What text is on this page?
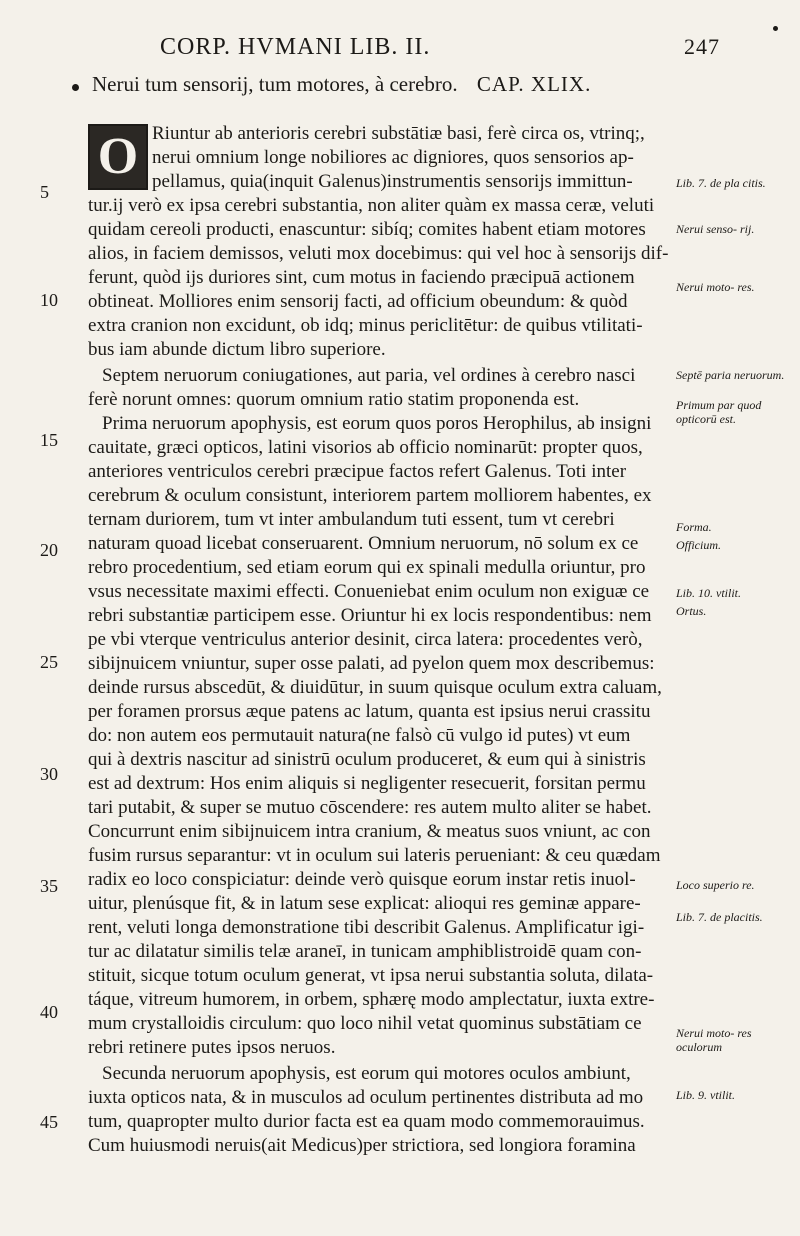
CORP. HVMANI LIB. II.	247
Nerui tum sensorij, tum motores, à cerebro. CAP. XLIX.
5
10
15
20
25
30
35
40
45
O Riuntur ab anterioris cerebri substātiæ basi, ferè circa os, vtrinq;,
nerui omnium longe nobiliores ac digniores, quos sensorios ap-
pellamus, quia(inquit Galenus)instrumentis sensorijs immittun-
tur.ij verò ex ipsa cerebri substantia, non aliter quàm ex massa ceræ, veluti
quidam cereoli producti, enascuntur: sibíq; comites habent etiam motores
alios, in faciem demissos, veluti mox docebimus: qui vel hoc à sensorijs dif-
ferunt, quòd ijs duriores sint, cum motus in faciendo præcipuā actionem
obtineat. Molliores enim sensorij facti, ad officium obeundum: & quòd
extra cranion non excidunt, ob idq; minus periclitētur: de quibus vtilitati-
bus iam abunde dictum libro superiore.
Septem neruorum coniugationes, aut paria, vel ordines à cerebro nasci
ferè norunt omnes: quorum omnium ratio statim proponenda est.
Prima neruorum apophysis, est eorum quos poros Herophilus, ab insigni
cauitate, græci opticos, latini visorios ab officio nominarūt: propter quos,
anteriores ventriculos cerebri præcipue factos refert Galenus. Toti inter
cerebrum & oculum consistunt, interiorem partem molliorem habentes, ex
ternam duriorem, tum vt inter ambulandum tuti essent, tum vt cerebri
naturam quoad licebat conseruarent. Omnium neruorum, nō solum ex ce
rebro procedentium, sed etiam eorum qui ex spinali medulla oriuntur, pro
vsus necessitate maximi effecti. Conueniebat enim oculum non exiguæ ce
rebri substantiæ participem esse. Oriuntur hi ex locis respondentibus: nem
pe vbi vterque ventriculus anterior desinit, circa latera: procedentes verò,
sibijnuicem vniuntur, super osse palati, ad pyelon quem mox describemus:
deinde rursus abscedūt, & diuidūtur, in suum quisque oculum extra caluam,
per foramen prorsus æque patens ac latum, quanta est ipsius nerui crassitu
do: non autem eos permutauit natura(ne falsò cū vulgo id putes) vt eum
qui à dextris nascitur ad sinistrū oculum produceret, & eum qui à sinistris
est ad dextrum: Hos enim aliquis si negligenter resecuerit, forsitan permu
tari putabit, & super se mutuo cōscendere: res autem multo aliter se habet.
Concurrunt enim sibijnuicem intra cranium, & meatus suos vniunt, ac con
fusim rursus separantur: vt in oculum sui lateris perueniant: & ceu quædam
radix eo loco conspiciatur: deinde verò quisque eorum instar retis inuol-
uitur, plenúsque fit, & in latum sese explicat: alioqui res geminæ appare-
rent, veluti longa demonstratione tibi describit Galenus. Amplificatur igi-
tur ac dilatatur similis telæ araneī, in tunicam amphiblistroidē quam con-
stituit, sicque totum oculum generat, vt ipsa nerui substantia soluta, dilata-
táque, vitreum humorem, in orbem, sphærę modo amplectatur, iuxta extre-
mum crystalloidis circulum: quo loco nihil vetat quominus substātiam ce
rebri retinere putes ipsos neruos.
Secunda neruorum apophysis, est eorum qui motores oculos ambiunt,
iuxta opticos nata, & in musculos ad oculum pertinentes distributa ad mo
tum, quapropter multo durior facta est ea quam modo commemorauimus.
Cum huiusmodi neruis(ait Medicus)per strictiora, sed longiora foramina
Lib. 7. de pla citis.
Nerui senso- rij.
Nerui moto- res.
Septē paria neruorum.
Primum par quod opticorū est.
Forma.
Officium.
Lib. 10. vtilit.
Ortus.
Loco superio re.
Lib. 7. de placitis.
Nerui moto- res oculorum
Lib. 9. vtilit.
